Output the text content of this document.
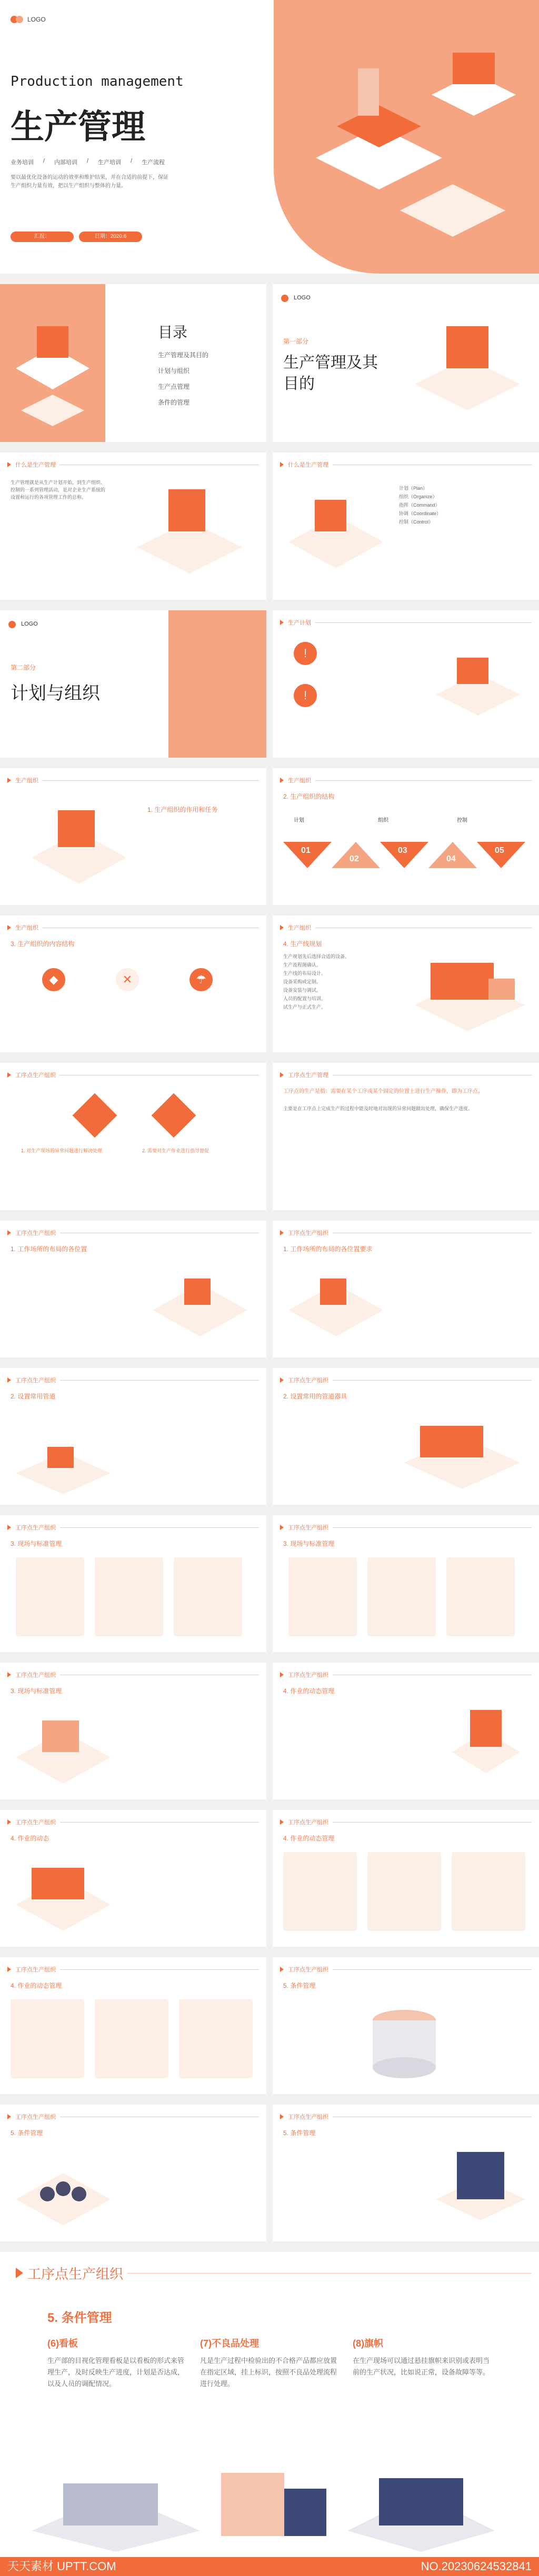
LOGO
Production management
生产管理
业务培训 / 内部培训 / 生产培训 / 生产流程
要以最优化设备的运动的效率和维护结果，并在合适的前提下，保证生产组织力量有效，把以生产组织与整体的力量。
汇报：	日期：2020.6
目录
生产管理及其目的
计划与组织
生产点管理
条件的管理
LOGO
第一部分
生产管理及其目的
什么是生产管理
生产管理就是从生产计划开始，到生产组织、控制的一系列管理活动，是对企业生产系统的设置和运行的各项管理工作的总称。
什么是生产管理
计划（Plan）
组织（Organize）
指挥（Command）
协调（Coordinate）
控制（Control）
LOGO
第二部分
计划与组织
生产计划
!
!
生产组织
1. 生产组织的作用和任务
生产组织
2. 生产组织的结构
计划	组织	控制
01
02
03
04
05
生产组织
3. 生产组织的内容结构
◆	✕	☂
生产组织
4. 生产线规划
生产规划先后选择合适的设备。
生产流程图确认。
生产线的布局设计。
设备采购或定制。
设备安装与调试。
人员的配置与培训。
试生产与正式生产。
工序点生产组织
1. 对生产现场的异常问题进行解决处理	2. 需要对生产作业进行指导督促
工序点生产管理
工序点的生产是指：需要在某个工序或某个固定的位置上进行生产操作，即为工序点。
主要是在工序点上完成生产的过程中能及时地对出现的异常问题做出处理，确保生产进度。
工序点生产组织
1. 工作场所的布局的各位置
工序点生产组织
1. 工作场所的布局的各位置要求
工序点生产组织
2. 设置常用管道
工序点生产组织
2. 设置常用的管道器具
工序点生产组织
3. 现场与标准管理
工序点生产组织
3. 现场与标准管理
工序点生产组织
3. 现场与标准管理
工序点生产组织
4. 作业的动态管理
工序点生产组织
4. 作业的动态
工序点生产组织
4. 作业的动态管理
工序点生产组织
4. 作业的动态管理
工序点生产组织
5. 条件管理
工序点生产组织
5. 条件管理
工序点生产组织
5. 条件管理
工序点生产组织
5. 条件管理
(6)看板
生产部的目视化管理看板是以看板的形式来管理生产，及时反映生产进度，计划是否达成，以及人员的调配情况。
(7)不良品处理
凡是生产过程中检验出的不合格产品都应放置在指定区域，挂上标识，按照不良品处理流程进行处理。
(8)旗帜
在生产现场可以通过悬挂旗帜来识别或表明当前的生产状况，比如说正常，设备故障等等。
天天素材 UPTT.COM	NO.20230624532841
